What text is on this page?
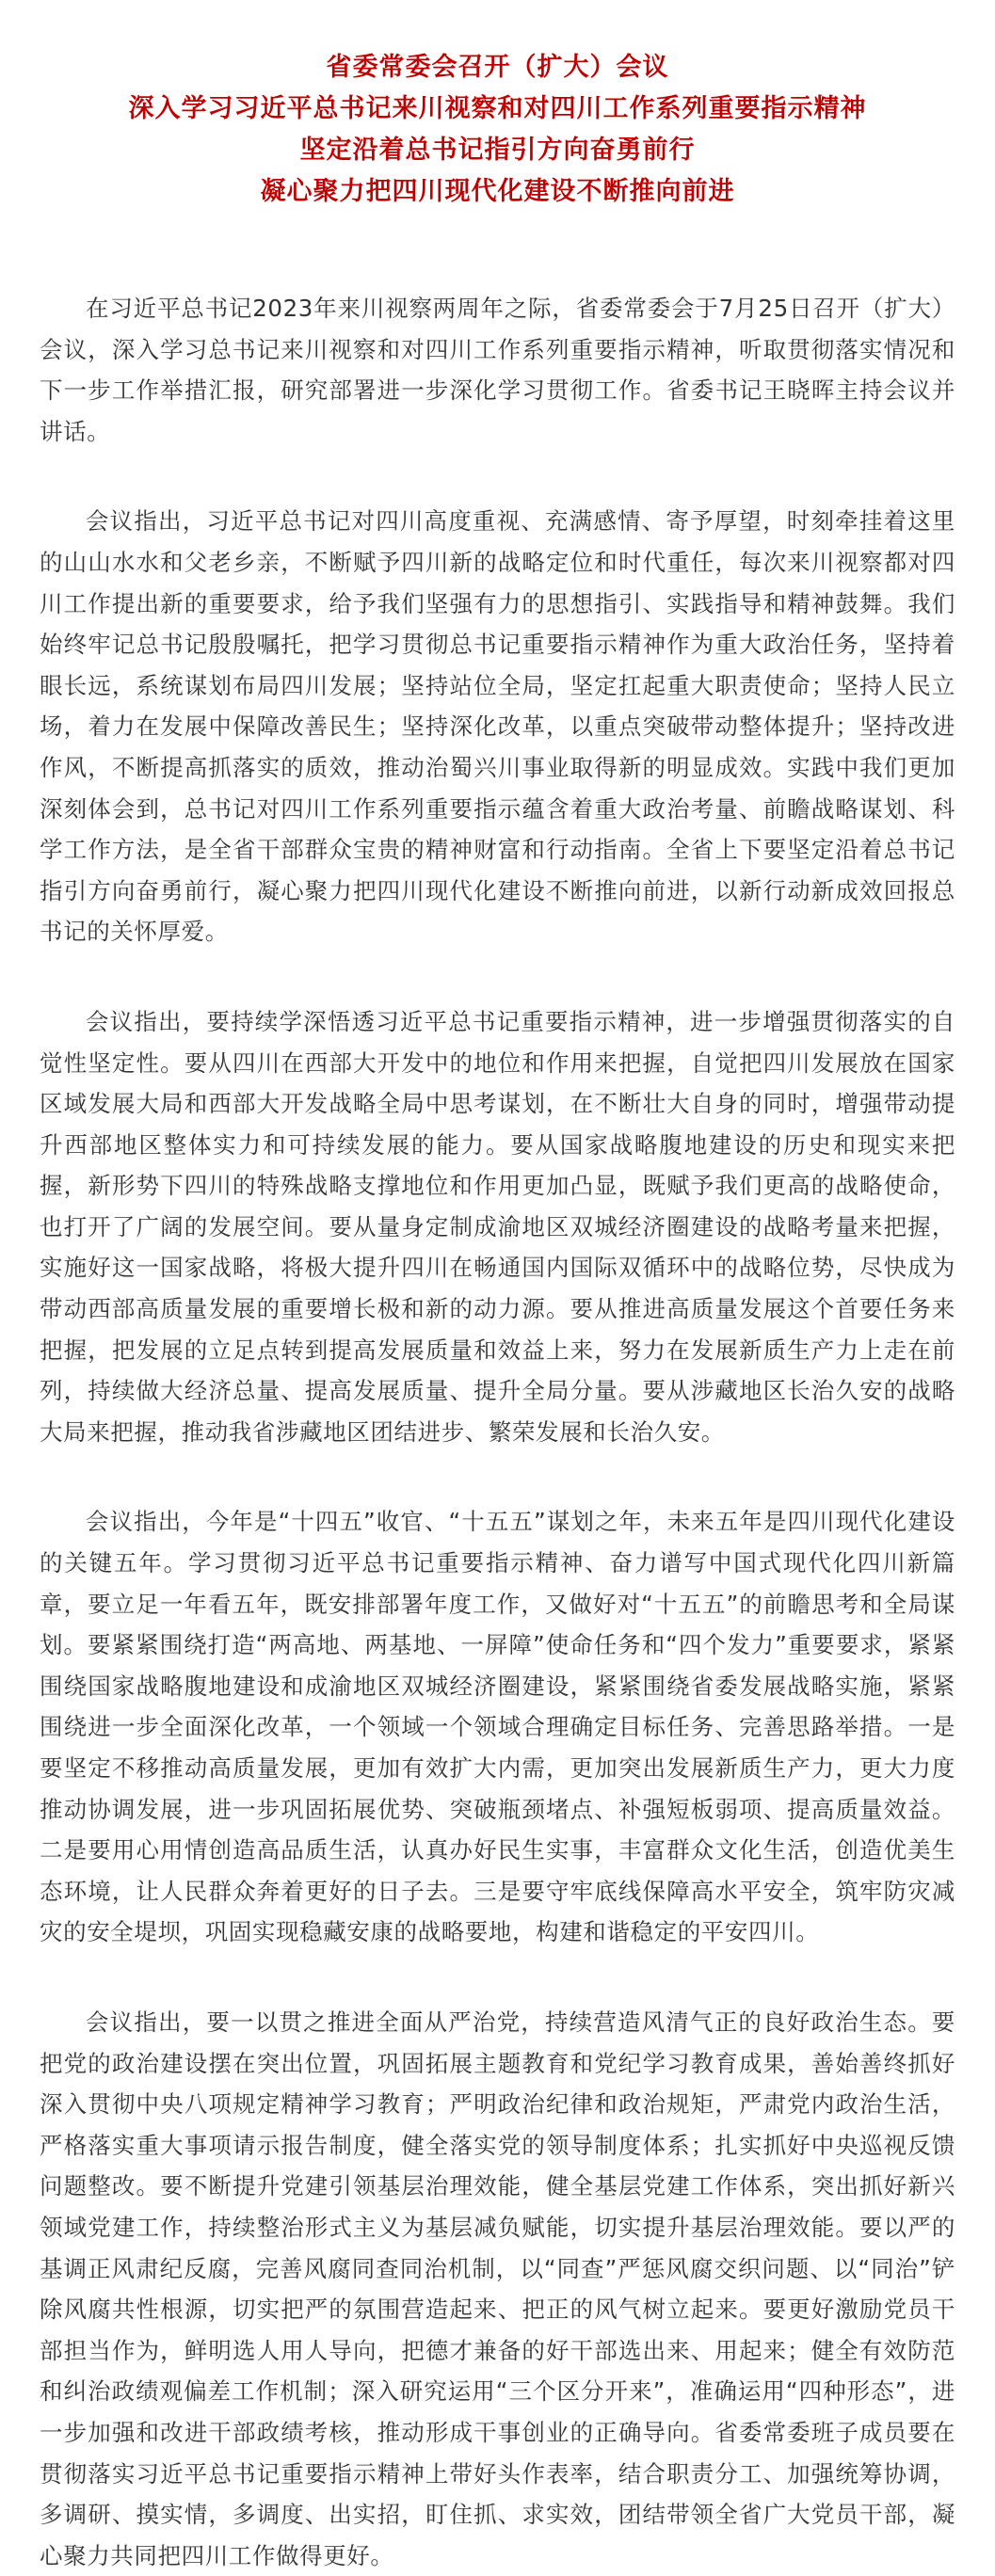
省委常委会召开（扩大）会议
深入学习习近平总书记来川视察和对四川工作系列重要指示精神
坚定沿着总书记指引方向奋勇前行
凝心聚力把四川现代化建设不断推向前进

在习近平总书记2023年来川视察两周年之际，省委常委会于7月25日召开（扩大）会议，深入学习总书记来川视察和对四川工作系列重要指示精神，听取贯彻落实情况和下一步工作举措汇报，研究部署进一步深化学习贯彻工作。省委书记王晓晖主持会议并讲话。

会议指出，习近平总书记对四川高度重视、充满感情、寄予厚望，时刻牵挂着这里的山山水水和父老乡亲，不断赋予四川新的战略定位和时代重任，每次来川视察都对四川工作提出新的重要要求，给予我们坚强有力的思想指引、实践指导和精神鼓舞。我们始终牢记总书记殷殷嘱托，把学习贯彻总书记重要指示精神作为重大政治任务，坚持着眼长远，系统谋划布局四川发展；坚持站位全局，坚定扛起重大职责使命；坚持人民立场，着力在发展中保障改善民生；坚持深化改革，以重点突破带动整体提升；坚持改进作风，不断提高抓落实的质效，推动治蜀兴川事业取得新的明显成效。实践中我们更加深刻体会到，总书记对四川工作系列重要指示蕴含着重大政治考量、前瞻战略谋划、科学工作方法，是全省干部群众宝贵的精神财富和行动指南。全省上下要坚定沿着总书记指引方向奋勇前行，凝心聚力把四川现代化建设不断推向前进，以新行动新成效回报总书记的关怀厚爱。

会议指出，要持续学深悟透习近平总书记重要指示精神，进一步增强贯彻落实的自觉性坚定性。要从四川在西部大开发中的地位和作用来把握，自觉把四川发展放在国家区域发展大局和西部大开发战略全局中思考谋划，在不断壮大自身的同时，增强带动提升西部地区整体实力和可持续发展的能力。要从国家战略腹地建设的历史和现实来把握，新形势下四川的特殊战略支撑地位和作用更加凸显，既赋予我们更高的战略使命，也打开了广阔的发展空间。要从量身定制成渝地区双城经济圈建设的战略考量来把握，实施好这一国家战略，将极大提升四川在畅通国内国际双循环中的战略位势，尽快成为带动西部高质量发展的重要增长极和新的动力源。要从推进高质量发展这个首要任务来把握，把发展的立足点转到提高发展质量和效益上来，努力在发展新质生产力上走在前列，持续做大经济总量、提高发展质量、提升全局分量。要从涉藏地区长治久安的战略大局来把握，推动我省涉藏地区团结进步、繁荣发展和长治久安。

会议指出，今年是“十四五”收官、“十五五”谋划之年，未来五年是四川现代化建设的关键五年。学习贯彻习近平总书记重要指示精神、奋力谱写中国式现代化四川新篇章，要立足一年看五年，既安排部署年度工作，又做好对“十五五”的前瞻思考和全局谋划。要紧紧围绕打造“两高地、两基地、一屏障”使命任务和“四个发力”重要要求，紧紧围绕国家战略腹地建设和成渝地区双城经济圈建设，紧紧围绕省委发展战略实施，紧紧围绕进一步全面深化改革，一个领域一个领域合理确定目标任务、完善思路举措。一是要坚定不移推动高质量发展，更加有效扩大内需，更加突出发展新质生产力，更大力度推动协调发展，进一步巩固拓展优势、突破瓶颈堵点、补强短板弱项、提高质量效益。二是要用心用情创造高品质生活，认真办好民生实事，丰富群众文化生活，创造优美生态环境，让人民群众奔着更好的日子去。三是要守牢底线保障高水平安全，筑牢防灾减灾的安全堤坝，巩固实现稳藏安康的战略要地，构建和谐稳定的平安四川。

会议指出，要一以贯之推进全面从严治党，持续营造风清气正的良好政治生态。要把党的政治建设摆在突出位置，巩固拓展主题教育和党纪学习教育成果，善始善终抓好深入贯彻中央八项规定精神学习教育；严明政治纪律和政治规矩，严肃党内政治生活，严格落实重大事项请示报告制度，健全落实党的领导制度体系；扎实抓好中央巡视反馈问题整改。要不断提升党建引领基层治理效能，健全基层党建工作体系，突出抓好新兴领域党建工作，持续整治形式主义为基层减负赋能，切实提升基层治理效能。要以严的基调正风肃纪反腐，完善风腐同查同治机制，以“同查”严惩风腐交织问题、以“同治”铲除风腐共性根源，切实把严的氛围营造起来、把正的风气树立起来。要更好激励党员干部担当作为，鲜明选人用人导向，把德才兼备的好干部选出来、用起来；健全有效防范和纠治政绩观偏差工作机制；深入研究运用“三个区分开来”，准确运用“四种形态”，进一步加强和改进干部政绩考核，推动形成干事创业的正确导向。省委常委班子成员要在贯彻落实习近平总书记重要指示精神上带好头作表率，结合职责分工、加强统筹协调，多调研、摸实情，多调度、出实招，盯住抓、求实效，团结带领全省广大党员干部，凝心聚力共同把四川工作做得更好。
